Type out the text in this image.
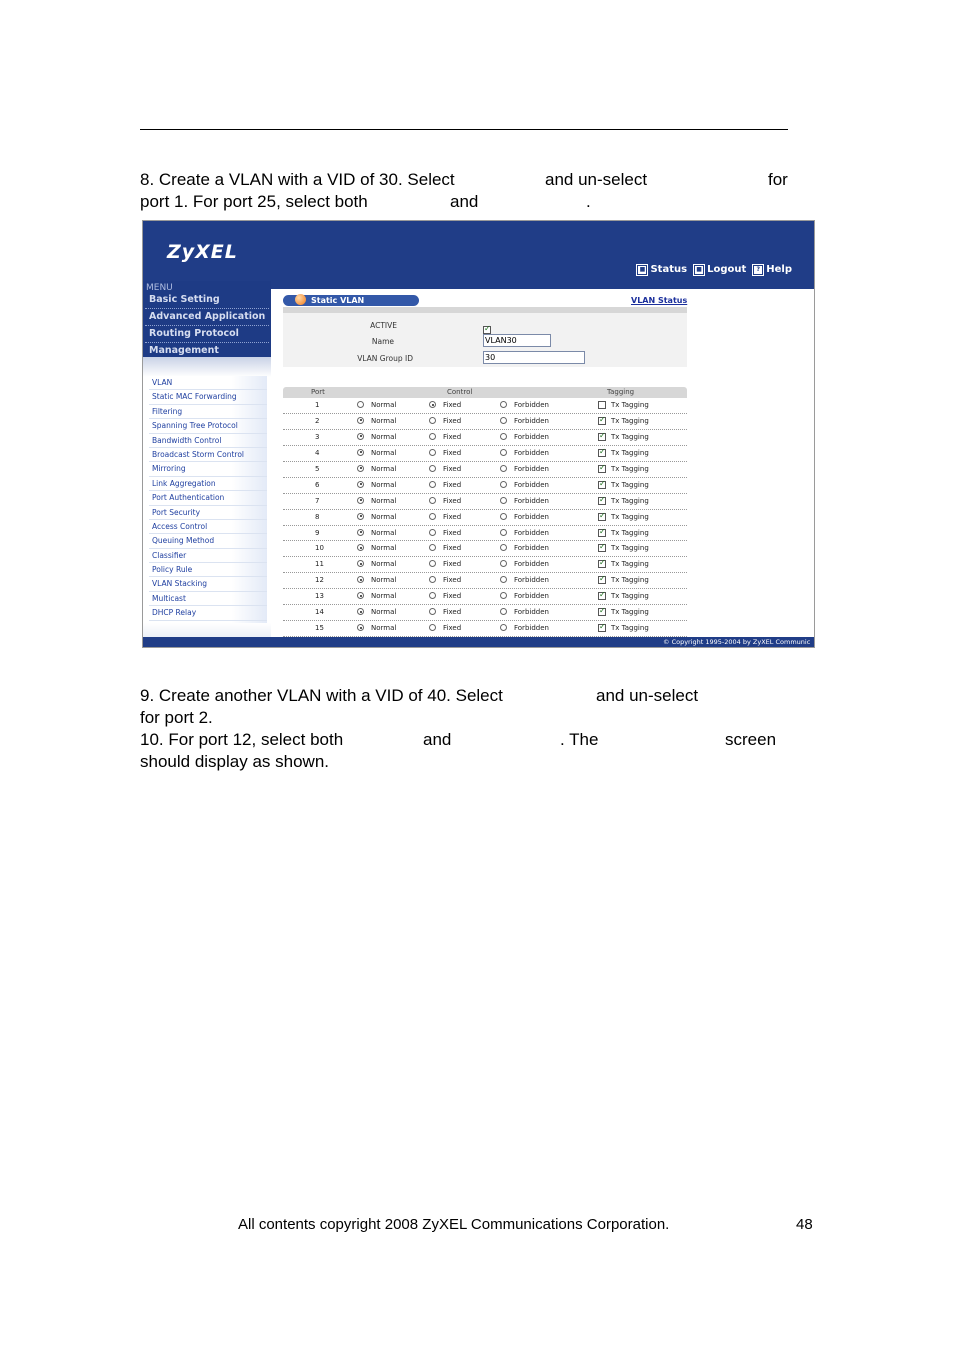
8. Create a VLAN with a VID of 30. Select	and un-select	for
port 1. For port 25, select both	and	.
ZyXEL
■ Status	■ Logout	? Help
MENU
Basic Setting
Advanced Application
Routing Protocol
Management
VLAN
Static MAC Forwarding
Filtering
Spanning Tree Protocol
Bandwidth Control
Broadcast Storm Control
Mirroring
Link Aggregation
Port Authentication
Port Security
Access Control
Queuing Method
Classifier
Policy Rule
VLAN Stacking
Multicast
DHCP Relay
Static VLAN	VLAN Status
ACTIVE
✓
Name	VLAN30
VLAN Group ID	30
Port	Control	Tagging
1	Normal	Fixed	Forbidden	Tx Tagging
2	Normal	Fixed	Forbidden ✓	Tx Tagging
3	Normal	Fixed	Forbidden ✓	Tx Tagging
4	Normal	Fixed	Forbidden ✓	Tx Tagging
5	Normal	Fixed	Forbidden ✓	Tx Tagging
6	Normal	Fixed	Forbidden ✓	Tx Tagging
7	Normal	Fixed	Forbidden ✓	Tx Tagging
8	Normal	Fixed	Forbidden ✓	Tx Tagging
9	Normal	Fixed	Forbidden ✓	Tx Tagging
10	Normal	Fixed	Forbidden ✓	Tx Tagging
11	Normal	Fixed	Forbidden ✓	Tx Tagging
12	Normal	Fixed	Forbidden ✓	Tx Tagging
13	Normal	Fixed	Forbidden ✓	Tx Tagging
14	Normal	Fixed	Forbidden ✓	Tx Tagging
15	Normal	Fixed	Forbidden ✓	Tx Tagging
© Copyright 1995-2004 by ZyXEL Communic
9. Create another VLAN with a VID of 40. Select	and un-select
for port 2.
10. For port 12, select both	and	. The	screen
should display as shown.
All contents copyright 2008 ZyXEL Communications Corporation.	48
